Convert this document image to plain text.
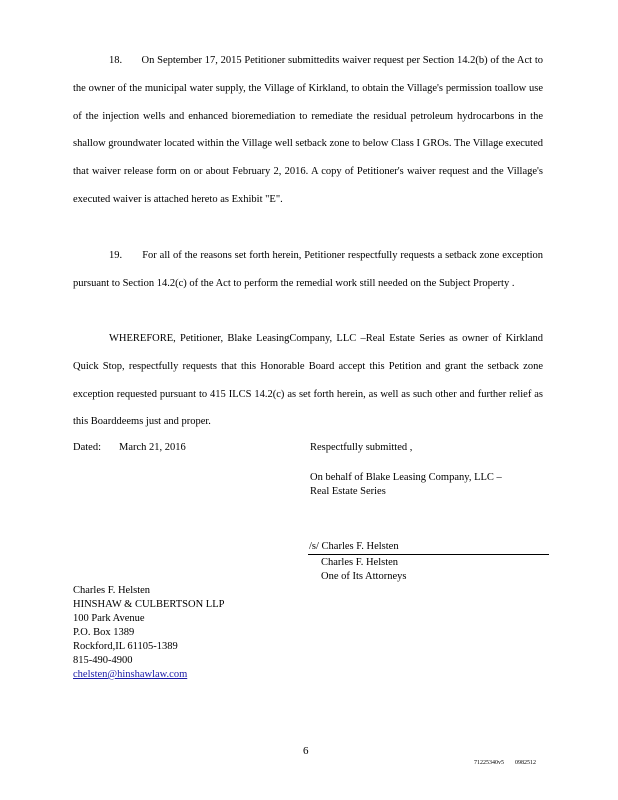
18. On September 17, 2015 Petitioner submittedits waiver request per Section 14.2(b) of the Act to the owner of the municipal water supply, the Village of Kirkland, to obtain the Village's permission toallow use of the injection wells and enhanced bioremediation to remediate the residual petroleum hydrocarbons in the shallow groundwater located within the Village well setback zone to below Class I GROs. The Village executed that waiver release form on or about February 2, 2016. A copy of Petitioner's waiver request and the Village's executed waiver is attached hereto as Exhibit "E".
19. For all of the reasons set forth herein, Petitioner respectfully requests a setback zone exception pursuant to Section 14.2(c) of the Act to perform the remedial work still needed on the Subject Property .
WHEREFORE, Petitioner, Blake LeasingCompany, LLC –Real Estate Series as owner of Kirkland Quick Stop, respectfully requests that this Honorable Board accept this Petition and grant the setback zone exception requested pursuant to 415 ILCS 14.2(c) as set forth herein, as well as such other and further relief as this Boarddeems just and proper.
Dated: March 21, 2016	Respectfully submitted ,
On behalf of Blake Leasing Company, LLC –
Real Estate Series
/s/ Charles F. Helsten
Charles F. Helsten
One of Its Attorneys
Charles F. Helsten
HINSHAW & CULBERTSON LLP
100 Park Avenue
P.O. Box 1389
Rockford,IL 61105-1389
815-490-4900
chelsten@hinshawlaw.com
6
71225340v5 0982512
